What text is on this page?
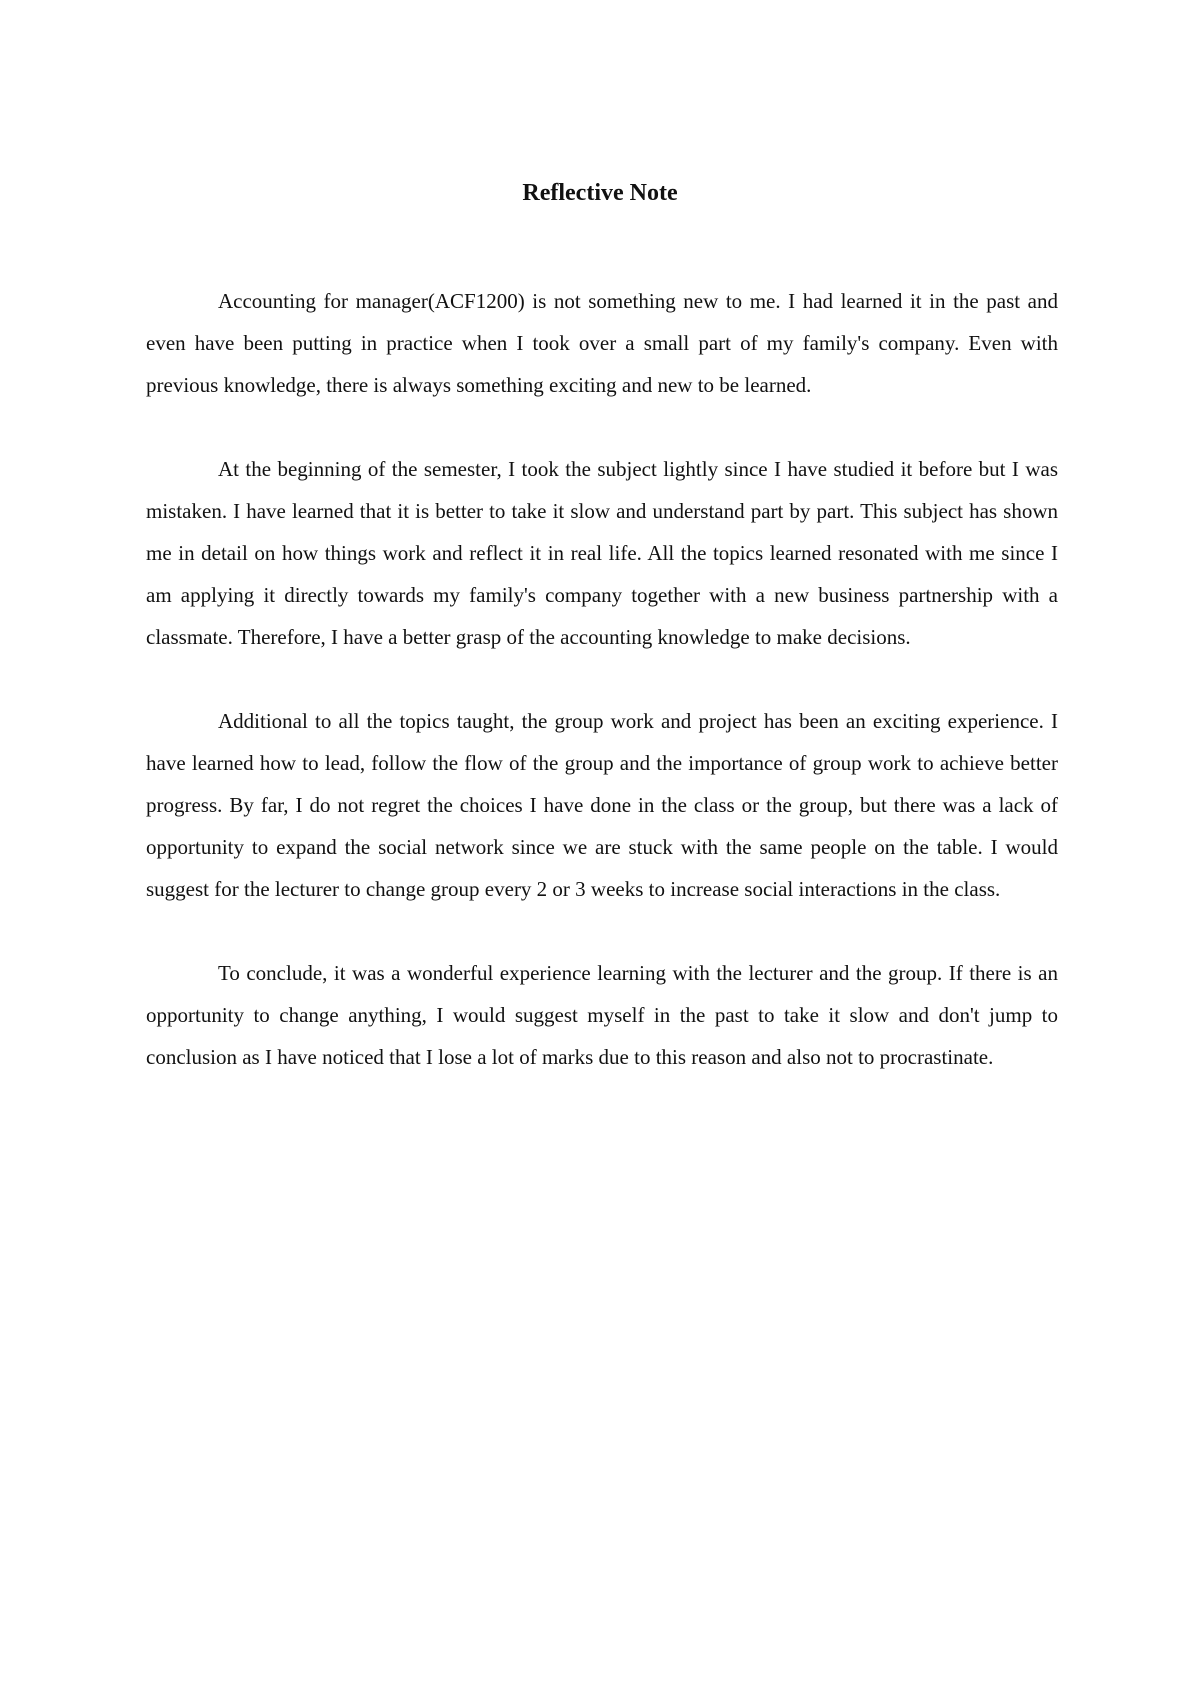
Reflective Note

Accounting for manager(ACF1200) is not something new to me. I had learned it in the past and even have been putting in practice when I took over a small part of my family's company. Even with previous knowledge, there is always something exciting and new to be learned.

At the beginning of the semester, I took the subject lightly since I have studied it before but I was mistaken. I have learned that it is better to take it slow and understand part by part. This subject has shown me in detail on how things work and reflect it in real life. All the topics learned resonated with me since I am applying it directly towards my family's company together with a new business partnership with a classmate. Therefore, I have a better grasp of the accounting knowledge to make decisions.

Additional to all the topics taught, the group work and project has been an exciting experience. I have learned how to lead, follow the flow of the group and the importance of group work to achieve better progress. By far, I do not regret the choices I have done in the class or the group, but there was a lack of opportunity to expand the social network since we are stuck with the same people on the table. I would suggest for the lecturer to change group every 2 or 3 weeks to increase social interactions in the class.

To conclude, it was a wonderful experience learning with the lecturer and the group. If there is an opportunity to change anything, I would suggest myself in the past to take it slow and don't jump to conclusion as I have noticed that I lose a lot of marks due to this reason and also not to procrastinate.
